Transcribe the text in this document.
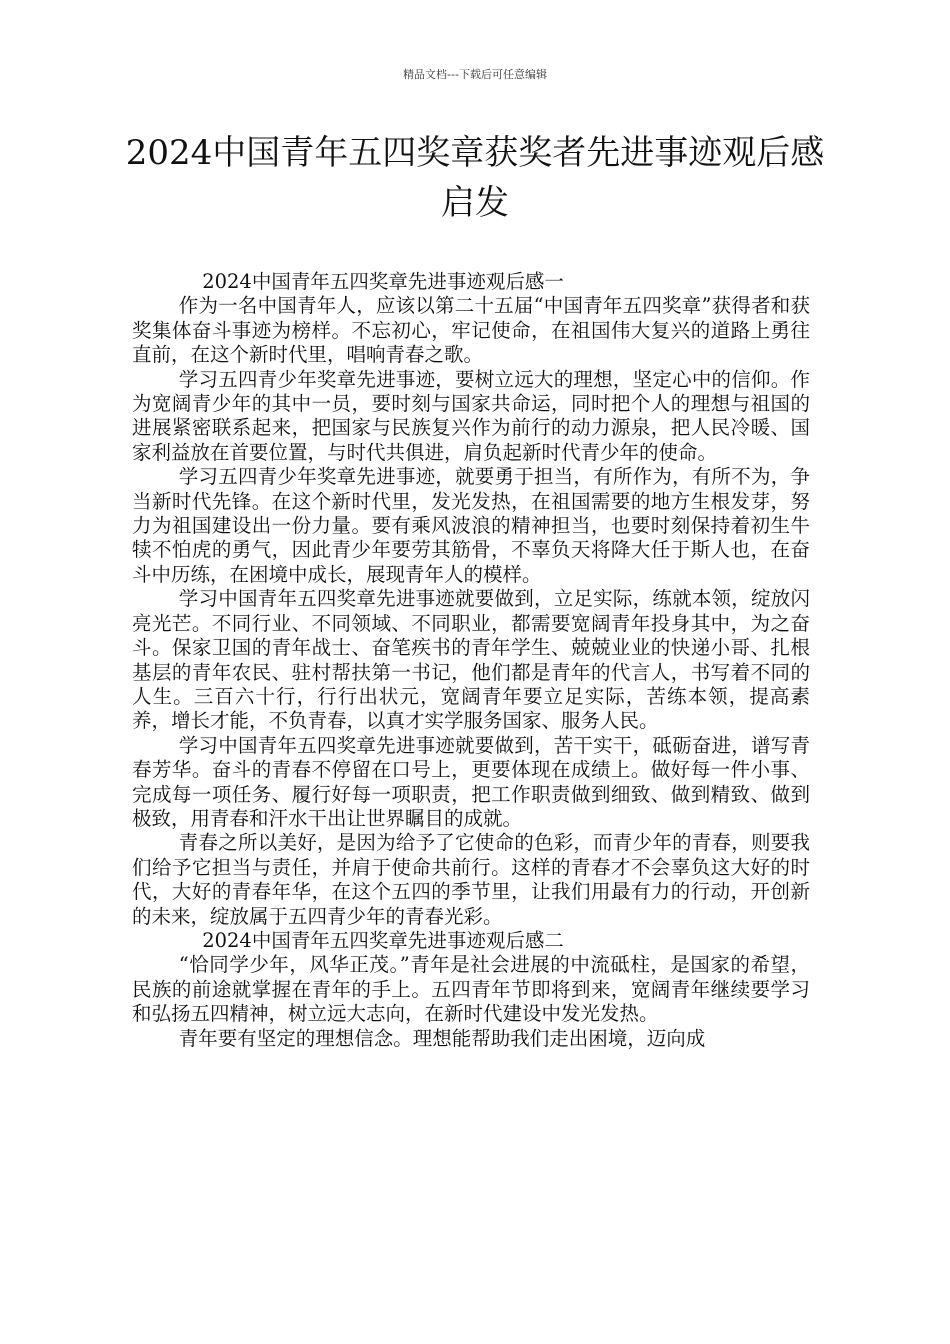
精品文档---下载后可任意编辑
2024中国青年五四奖章获奖者先进事迹观后感启发

2024中国青年五四奖章先进事迹观后感一

作为一名中国青年人，应该以第二十五届“中国青年五四奖章”获得者和获奖集体奋斗事迹为榜样。不忘初心，牢记使命，在祖国伟大复兴的道路上勇往直前，在这个新时代里，唱响青春之歌。

学习五四青少年奖章先进事迹，要树立远大的理想，坚定心中的信仰。作为宽阔青少年的其中一员，要时刻与国家共命运，同时把个人的理想与祖国的进展紧密联系起来，把国家与民族复兴作为前行的动力源泉，把人民冷暖、国家利益放在首要位置，与时代共俱进，肩负起新时代青少年的使命。

学习五四青少年奖章先进事迹，就要勇于担当，有所作为，有所不为，争当新时代先锋。在这个新时代里，发光发热，在祖国需要的地方生根发芽，努力为祖国建设出一份力量。要有乘风波浪的精神担当，也要时刻保持着初生牛犊不怕虎的勇气，因此青少年要劳其筋骨，不辜负天将降大任于斯人也，在奋斗中历练，在困境中成长，展现青年人的模样。

学习中国青年五四奖章先进事迹就要做到，立足实际，练就本领，绽放闪亮光芒。不同行业、不同领域、不同职业，都需要宽阔青年投身其中，为之奋斗。保家卫国的青年战士、奋笔疾书的青年学生、兢兢业业的快递小哥、扎根基层的青年农民、驻村帮扶第一书记，他们都是青年的代言人，书写着不同的人生。三百六十行，行行出状元，宽阔青年要立足实际，苦练本领，提高素养，增长才能，不负青春，以真才实学服务国家、服务人民。

学习中国青年五四奖章先进事迹就要做到，苦干实干，砥砺奋进，谱写青春芳华。奋斗的青春不停留在口号上，更要体现在成绩上。做好每一件小事、完成每一项任务、履行好每一项职责，把工作职责做到细致、做到精致、做到极致，用青春和汗水干出让世界瞩目的成就。

青春之所以美好，是因为给予了它使命的色彩，而青少年的青春，则要我们给予它担当与责任，并肩于使命共前行。这样的青春才不会辜负这大好的时代，大好的青春年华，在这个五四的季节里，让我们用最有力的行动，开创新的未来，绽放属于五四青少年的青春光彩。

2024中国青年五四奖章先进事迹观后感二

“恰同学少年，风华正茂。”青年是社会进展的中流砥柱，是国家的希望，民族的前途就掌握在青年的手上。五四青年节即将到来，宽阔青年继续要学习和弘扬五四精神，树立远大志向，在新时代建设中发光发热。

青年要有坚定的理想信念。理想能帮助我们走出困境，迈向成
